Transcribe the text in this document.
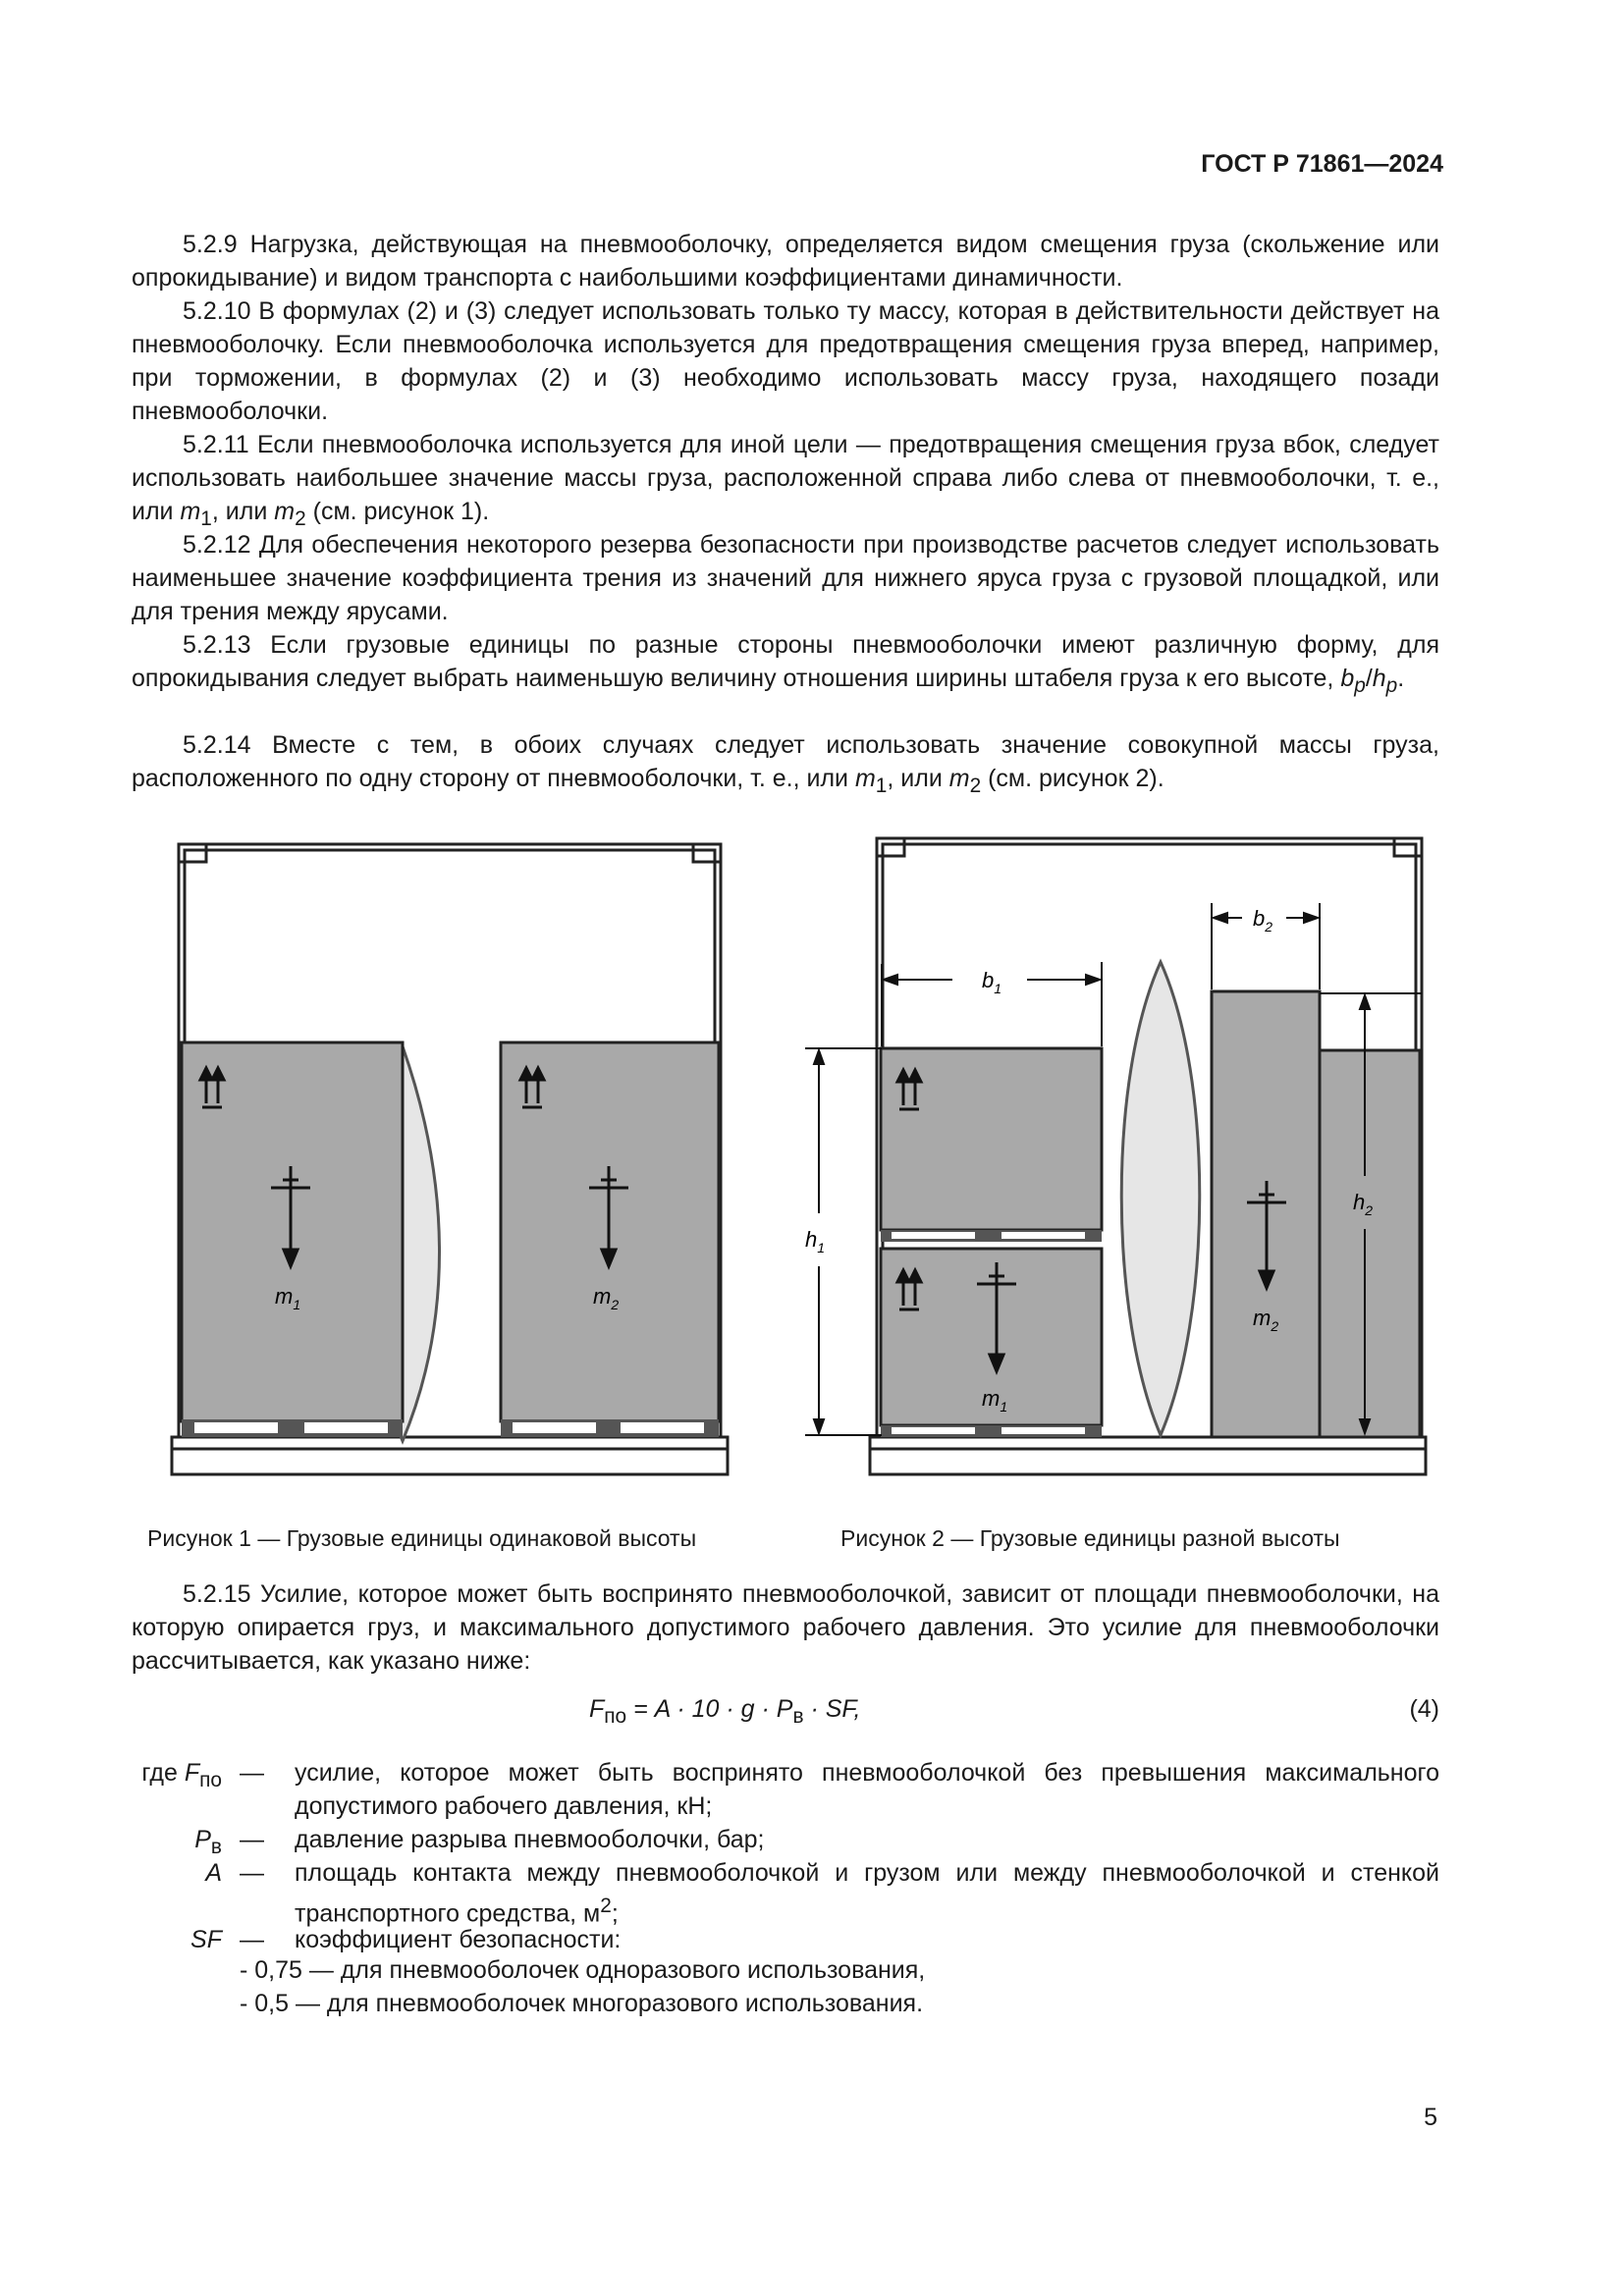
ГОСТ Р 71861—2024

5.2.9 Нагрузка, действующая на пневмооболочку, определяется видом смещения груза (скольжение или опрокидывание) и видом транспорта с наибольшими коэффициентами динамичности.

5.2.10 В формулах (2) и (3) следует использовать только ту массу, которая в действительности действует на пневмооболочку. Если пневмооболочка используется для предотвращения смещения груза вперед, например, при торможении, в формулах (2) и (3) необходимо использовать массу груза, находящего позади пневмооболочки.

5.2.11 Если пневмооболочка используется для иной цели — предотвращения смещения груза вбок, следует использовать наибольшее значение массы груза, расположенной справа либо слева от пневмооболочки, т. е., или $m_1$, или $m_2$ (см. рисунок 1).

5.2.12 Для обеспечения некоторого резерва безопасности при производстве расчетов следует использовать наименьшее значение коэффициента трения из значений для нижнего яруса груза с грузовой площадкой, или для трения между ярусами.

5.2.13 Если грузовые единицы по разные стороны пневмооболочки имеют различную форму, для опрокидывания следует выбрать наименьшую величину отношения ширины штабеля груза к его высоте, $b_p/h_p$.

5.2.14 Вместе с тем, в обоих случаях следует использовать значение совокупной массы груза, расположенного по одну сторону от пневмооболочки, т. е., или $m_1$, или $m_2$ (см. рисунок 2).

$m_1$	$m_2$
$b_1$
$b_2$
$h_1$
$h_2$
$m_1$
$m_2$
Рисунок 1 — Грузовые единицы одинаковой высоты	Рисунок 2 — Грузовые единицы разной высоты

5.2.15 Усилие, которое может быть воспринято пневмооболочкой, зависит от площади пневмооболочки, на которую опирается груз, и максимального допустимого рабочего давления. Это усилие для пневмооболочки рассчитывается, как указано ниже:

$F_{по} = A \cdot 10 \cdot g \cdot P_в$ · SF,	(4)
где $F_{по}$ — усилие, которое может быть воспринято пневмооболочкой без превышения максимального допустимого рабочего давления, кН;
$P_в$ — давление разрыва пневмооболочки, бар;
A — площадь контакта между пневмооболочкой и грузом или между пневмооболочкой и стенкой транспортного средства, $м^2$;
SF — коэффициент безопасности:
- 0,75 — для пневмооболочек одноразового использования,
- 0,5 — для пневмооболочек многоразового использования.
5
